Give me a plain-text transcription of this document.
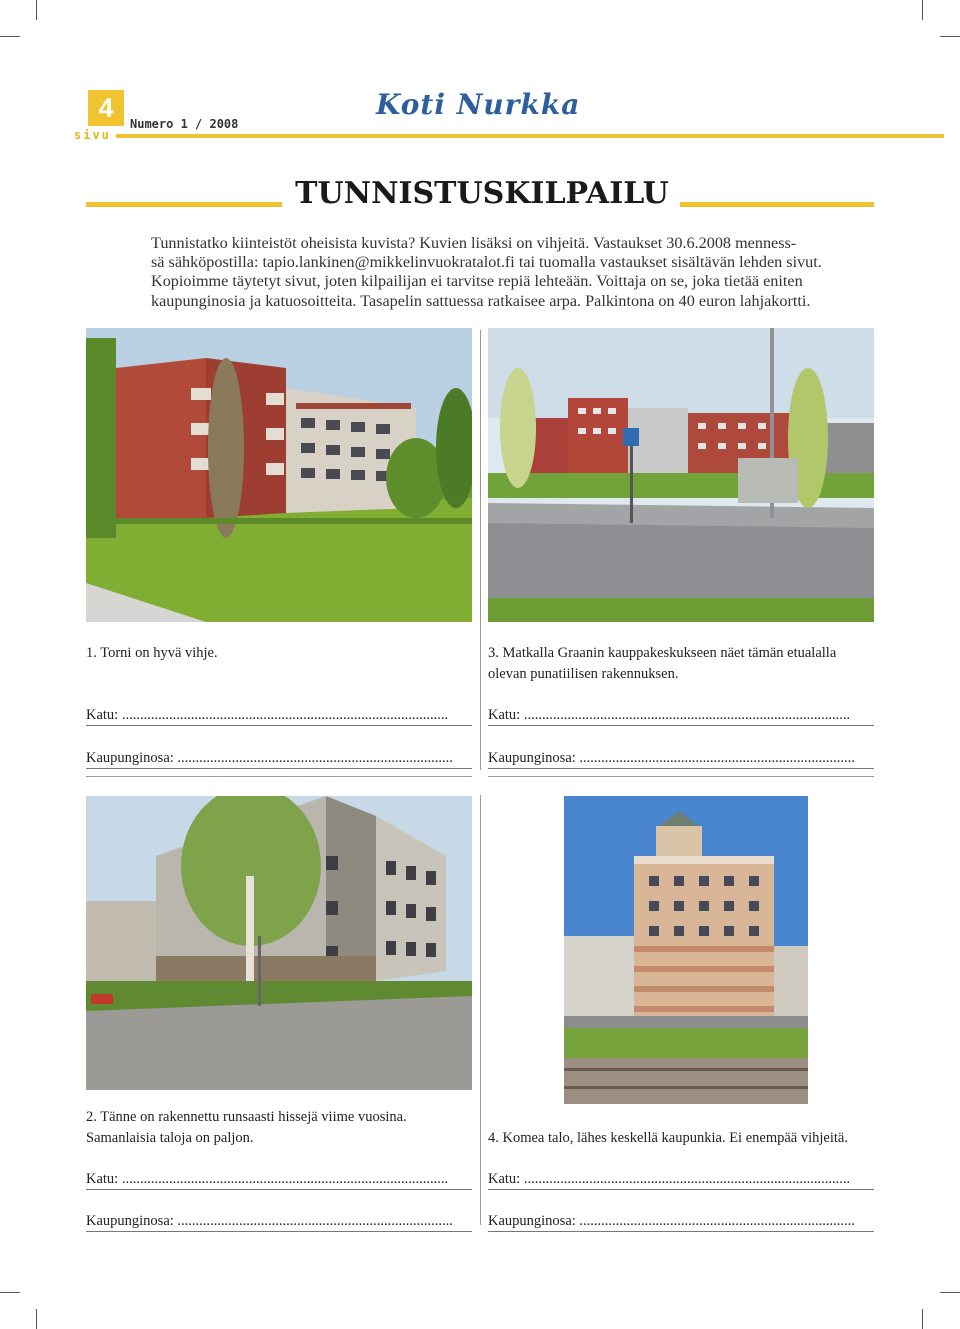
4
sivu
Numero 1 / 2008
Koti Nurkka
TUNNISTUSKILPAILU
Tunnistatko kiinteistöt oheisista kuvista? Kuvien lisäksi on vihjeitä. Vastaukset 30.6.2008 menness-
sä sähköpostilla: tapio.lankinen@mikkelinvuokratalot.fi tai tuomalla vastaukset sisältävän lehden sivut.
Kopioimme täytetyt sivut, joten kilpailijan ei tarvitse repiä lehteään. Voittaja on se, joka tietää eniten
kaupunginosia ja katuosoitteita. Tasapelin sattuessa ratkaisee arpa. Palkintona on 40 euron lahjakortti.
1. Torni on hyvä vihje.
Katu: ..........................................................................................
Kaupunginosa: ............................................................................
3. Matkalla Graanin kauppakeskukseen näet tämän etualalla
olevan punatiilisen rakennuksen.
Katu: ..........................................................................................
Kaupunginosa: ............................................................................
2. Tänne on rakennettu runsaasti hissejä viime vuosina.
Samanlaisia taloja on paljon.
Katu: ..........................................................................................
Kaupunginosa: ............................................................................
4. Komea talo, lähes keskellä kaupunkia. Ei enempää vihjeitä.
Katu: ..........................................................................................
Kaupunginosa: ............................................................................
